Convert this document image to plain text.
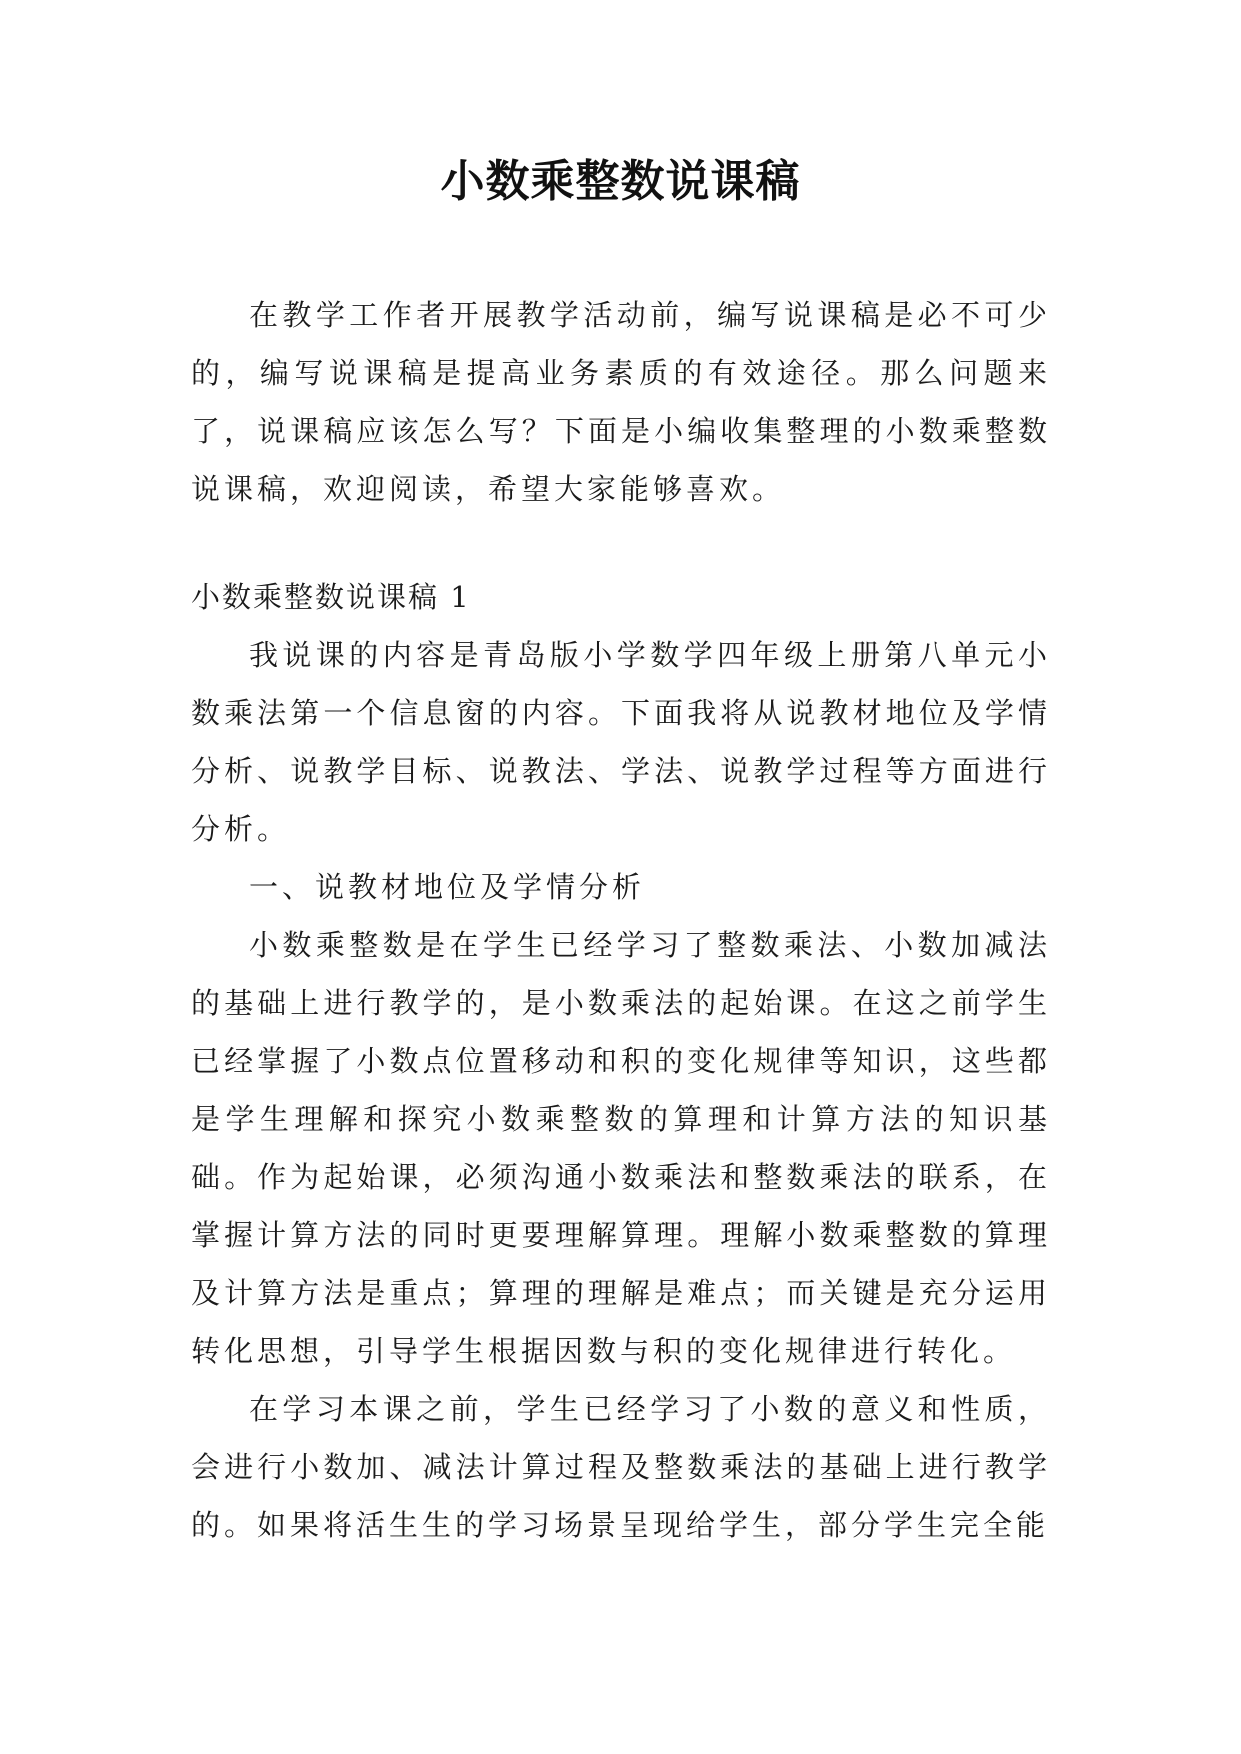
小数乘整数说课稿

在教学工作者开展教学活动前，编写说课稿是必不可少的，编写说课稿是提高业务素质的有效途径。那么问题来了，说课稿应该怎么写？下面是小编收集整理的小数乘整数说课稿，欢迎阅读，希望大家能够喜欢。

小数乘整数说课稿 1

我说课的内容是青岛版小学数学四年级上册第八单元小数乘法第一个信息窗的内容。下面我将从说教材地位及学情分析、说教学目标、说教法、学法、说教学过程等方面进行分析。

一、说教材地位及学情分析

小数乘整数是在学生已经学习了整数乘法、小数加减法的基础上进行教学的，是小数乘法的起始课。在这之前学生已经掌握了小数点位置移动和积的变化规律等知识，这些都是学生理解和探究小数乘整数的算理和计算方法的知识基础。作为起始课，必须沟通小数乘法和整数乘法的联系，在掌握计算方法的同时更要理解算理。理解小数乘整数的算理及计算方法是重点；算理的理解是难点；而关键是充分运用转化思想，引导学生根据因数与积的变化规律进行转化。

在学习本课之前，学生已经学习了小数的意义和性质，会进行小数加、减法计算过程及整数乘法的基础上进行教学的。如果将活生生的学习场景呈现给学生，部分学生完全能
